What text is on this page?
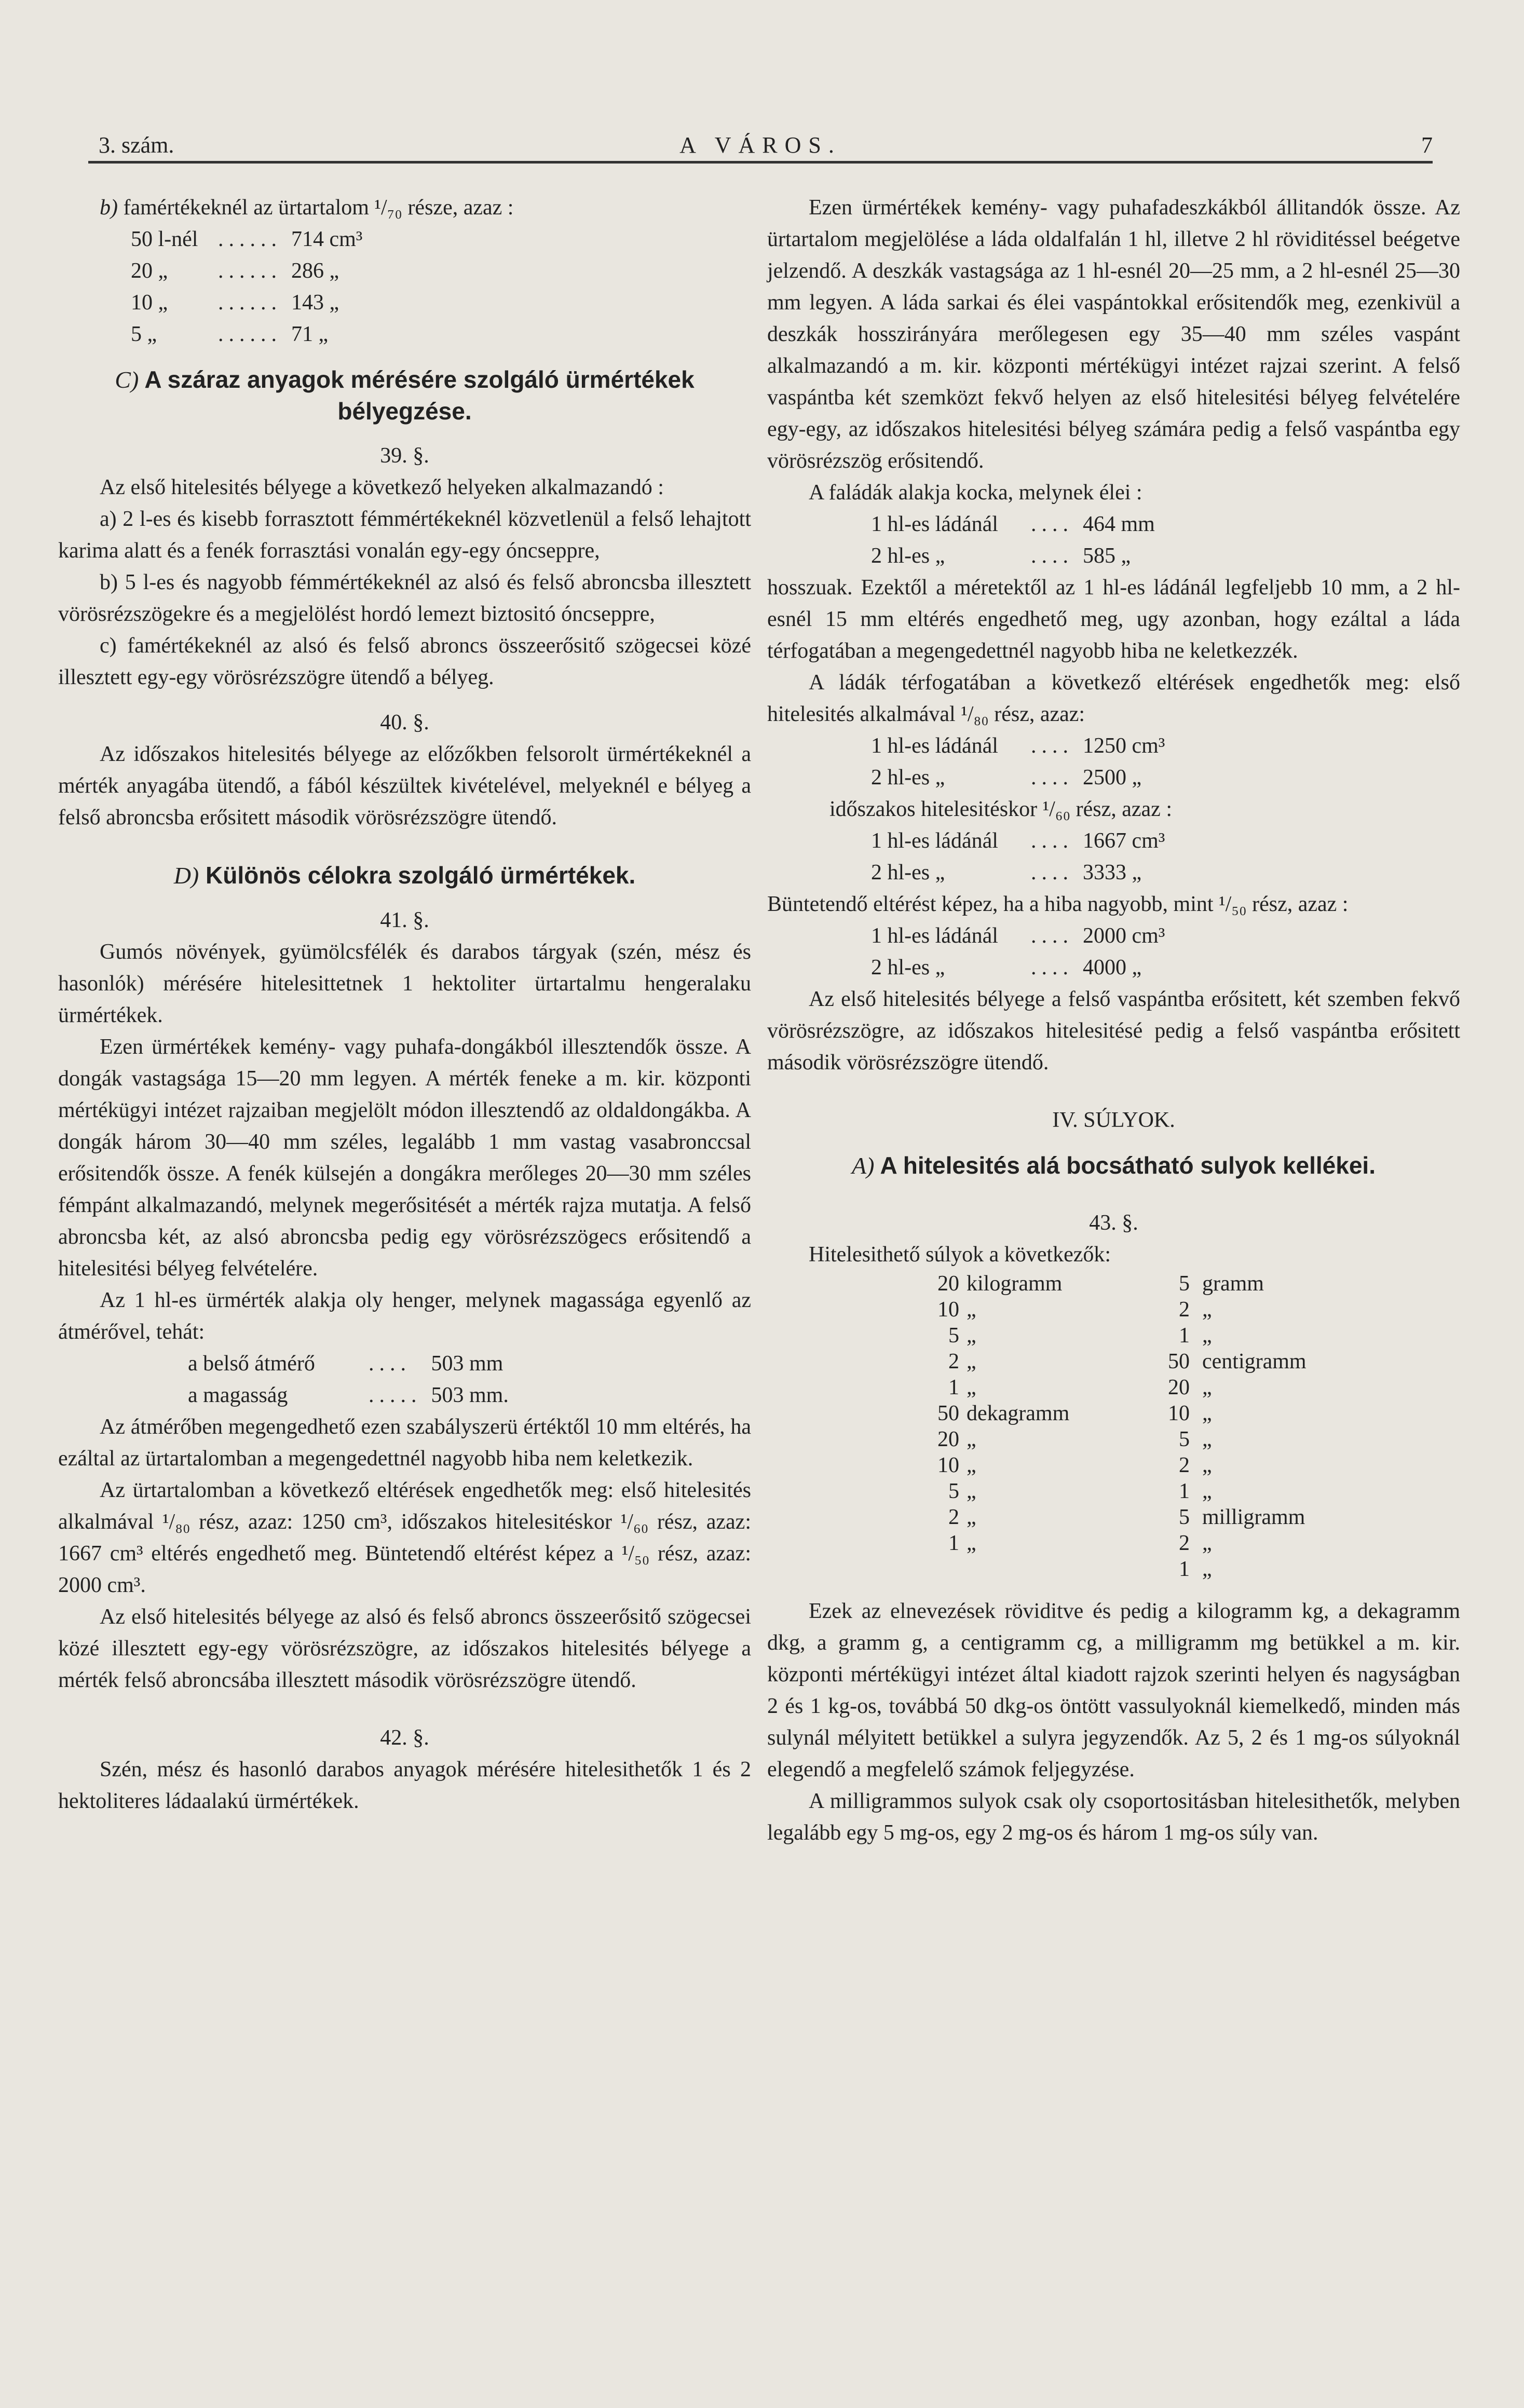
3. szám.	A VÁROS.	7

b) famértékeknél az ürtartalom ¹/₇₀ része, azaz :

50 l-nél	......	714 cm³
20 „	......	286 „
10 „	......	143 „
5 „	......	71 „

C) A száraz anyagok mérésére szolgáló ürmértékek bélyegzése.

39. §.

Az első hitelesités bélyege a következő helyeken alkalmazandó :

a) 2 l-es és kisebb forrasztott fémmértékeknél közvetlenül a felső lehajtott karima alatt és a fenék forrasztási vonalán egy-egy óncseppre,

b) 5 l-es és nagyobb fémmértékeknél az alsó és felső abroncsba illesztett vörösrézszögekre és a megjelölést hordó lemezt biztositó óncseppre,

c) famértékeknél az alsó és felső abroncs összeerősitő szögecsei közé illesztett egy-egy vörösrézszögre ütendő a bélyeg.

40. §.

Az időszakos hitelesités bélyege az előzőkben felsorolt ürmértékeknél a mérték anyagába ütendő, a fából készültek kivételével, melyeknél e bélyeg a felső abroncsba erősitett második vörösrézszögre ütendő.

D) Különös célokra szolgáló ürmértékek.

41. §.

Gumós növények, gyümölcsfélék és darabos tárgyak (szén, mész és hasonlók) mérésére hitelesittetnek 1 hektoliter ürtartalmu hengeralaku ürmértékek.

Ezen ürmértékek kemény- vagy puhafa-dongákból illesztendők össze. A dongák vastagsága 15—20 mm legyen. A mérték feneke a m. kir. központi mértékügyi intézet rajzaiban megjelölt módon illesztendő az oldaldongákba. A dongák három 30—40 mm széles, legalább 1 mm vastag vasabronccsal erősitendők össze. A fenék külsején a dongákra merőleges 20—30 mm széles fémpánt alkalmazandó, melynek megerősitését a mérték rajza mutatja. A felső abroncsba két, az alsó abroncsba pedig egy vörösrézszögecs erősitendő a hitelesitési bélyeg felvételére.

Az 1 hl-es ürmérték alakja oly henger, melynek magassága egyenlő az átmérővel, tehát:

a belső átmérő	....	503 mm
a magasság	.....	503 mm.

Az átmérőben megengedhető ezen szabályszerü értéktől 10 mm eltérés, ha ezáltal az ürtartalomban a megengedettnél nagyobb hiba nem keletkezik.

Az ürtartalomban a következő eltérések engedhetők meg: első hitelesités alkalmával ¹/₈₀ rész, azaz: 1250 cm³, időszakos hitelesitéskor ¹/₆₀ rész, azaz: 1667 cm³ eltérés engedhető meg. Büntetendő eltérést képez a ¹/₅₀ rész, azaz: 2000 cm³.

Az első hitelesités bélyege az alsó és felső abroncs összeerősitő szögecsei közé illesztett egy-egy vörösrézszögre, az időszakos hitelesités bélyege a mérték felső abroncsába illesztett második vörösrézszögre ütendő.

42. §.

Szén, mész és hasonló darabos anyagok mérésére hitelesithetők 1 és 2 hektoliteres ládaalakú ürmértékek.

Ezen ürmértékek kemény- vagy puhafadeszkákból állitandók össze. Az ürtartalom megjelölése a láda oldalfalán 1 hl, illetve 2 hl röviditéssel beégetve jelzendő. A deszkák vastagsága az 1 hl-esnél 20—25 mm, a 2 hl-esnél 25—30 mm legyen. A láda sarkai és élei vaspántokkal erősitendők meg, ezenkivül a deszkák hosszirányára merőlegesen egy 35—40 mm széles vaspánt alkalmazandó a m. kir. központi mértékügyi intézet rajzai szerint. A felső vaspántba két szemközt fekvő helyen az első hitelesitési bélyeg felvételére egy-egy, az időszakos hitelesitési bélyeg számára pedig a felső vaspántba egy vörösrézszög erősitendő.

A faládák alakja kocka, melynek élei :

1 hl-es ládánál	....	464 mm
2 hl-es „	....	585 „

hosszuak. Ezektől a méretektől az 1 hl-es ládánál legfeljebb 10 mm, a 2 hl-esnél 15 mm eltérés engedhető meg, ugy azonban, hogy ezáltal a láda térfogatában a megengedettnél nagyobb hiba ne keletkezzék.

A ládák térfogatában a következő eltérések engedhetők meg: első hitelesités alkalmával ¹/₈₀ rész, azaz:

1 hl-es ládánál	....	1250 cm³
2 hl-es „	....	2500 „

időszakos hitelesitéskor ¹/₆₀ rész, azaz :

1 hl-es ládánál	....	1667 cm³
2 hl-es „	....	3333 „

Büntetendő eltérést képez, ha a hiba nagyobb, mint ¹/₅₀ rész, azaz :

1 hl-es ládánál	....	2000 cm³
2 hl-es „	....	4000 „

Az első hitelesités bélyege a felső vaspántba erősitett, két szemben fekvő vörösrézszögre, az időszakos hitelesitésé pedig a felső vaspántba erősitett második vörösrézszögre ütendő.

IV. SÚLYOK.

A) A hitelesités alá bocsátható sulyok kellékei.

43. §.

Hitelesithető súlyok a következők:

20	kilogramm	5	gramm
10	„	2	„
5	„	1	„
2	„	50	centigramm
1	„	20	„
50	dekagramm	10	„
20	„	5	„
10	„	2	„
5	„	1	„
2	„	5	milligramm
1	„	2	„
		1	„

Ezek az elnevezések röviditve és pedig a kilogramm kg, a dekagramm dkg, a gramm g, a centigramm cg, a milligramm mg betükkel a m. kir. központi mértékügyi intézet által kiadott rajzok szerinti helyen és nagyságban 2 és 1 kg-os, továbbá 50 dkg-os öntött vassulyoknál kiemelkedő, minden más sulynál mélyitett betükkel a sulyra jegyzendők. Az 5, 2 és 1 mg-os súlyoknál elegendő a megfelelő számok feljegyzése.

A milligrammos sulyok csak oly csoportositásban hitelesithetők, melyben legalább egy 5 mg-os, egy 2 mg-os és három 1 mg-os súly van.
